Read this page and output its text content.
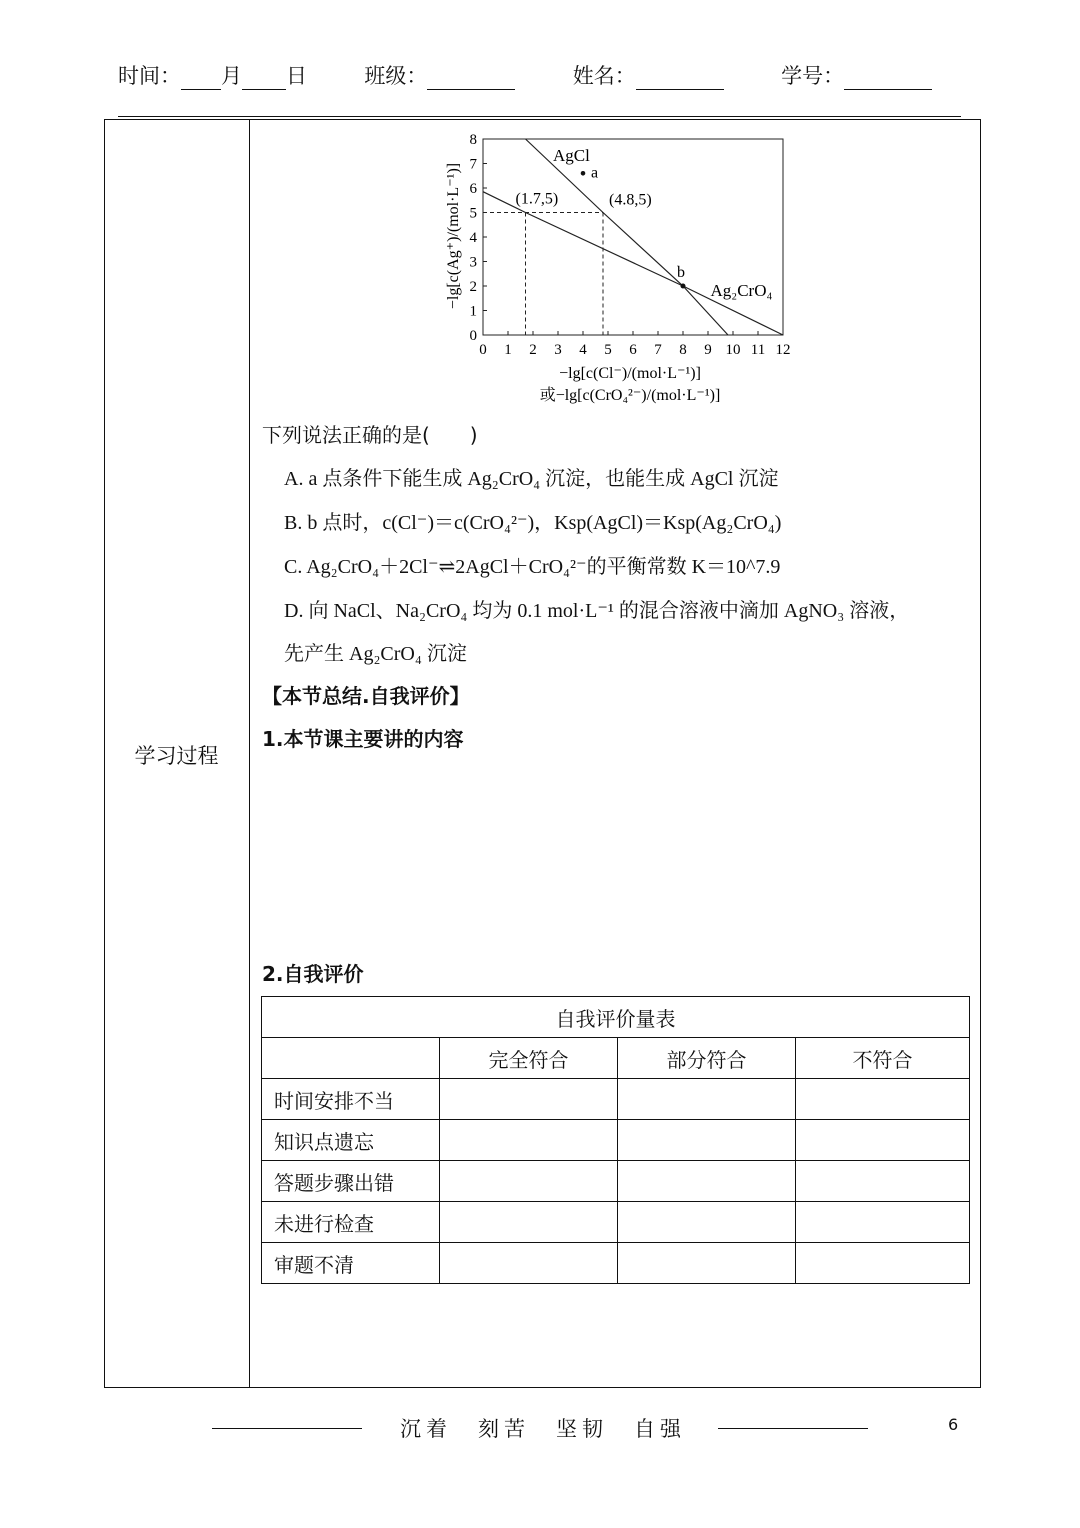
时间： 月 日	班级：	姓名：	学号：
学习过程
0 1 2 3 4 5 6 7 8 9 10 11 12
0
1
2
3
4
5
6
7
8
AgCl
Ag₂CrO₄
a
b
(1.7,5)	(4.8,5)
−lg[c(Ag⁺)/(mol·L⁻¹)]
−lg[c(Cl⁻)/(mol·L⁻¹)]
或−lg[c(CrO₄²⁻)/(mol·L⁻¹)]
下列说法正确的是(　　)
A. a 点条件下能生成 Ag₂CrO₄ 沉淀，也能生成 AgCl 沉淀
B. b 点时，c(Cl⁻)＝c(CrO₄²⁻)，Ksp(AgCl)＝Ksp(Ag₂CrO₄)
C. Ag₂CrO₄＋2Cl⁻⇌2AgCl＋CrO₄²⁻的平衡常数 K＝10^7.9
D. 向 NaCl、Na₂CrO₄ 均为 0.1 mol·L⁻¹ 的混合溶液中滴加 AgNO₃ 溶液，
先产生 Ag₂CrO₄ 沉淀
【本节总结.自我评价】
1.本节课主要讲的内容
2.自我评价
自我评价量表			
	完全符合	部分符合	不符合
时间安排不当			
知识点遗忘			
答题步骤出错			
未进行检查			
审题不清			
沉着　刻苦　坚韧　自强	6
